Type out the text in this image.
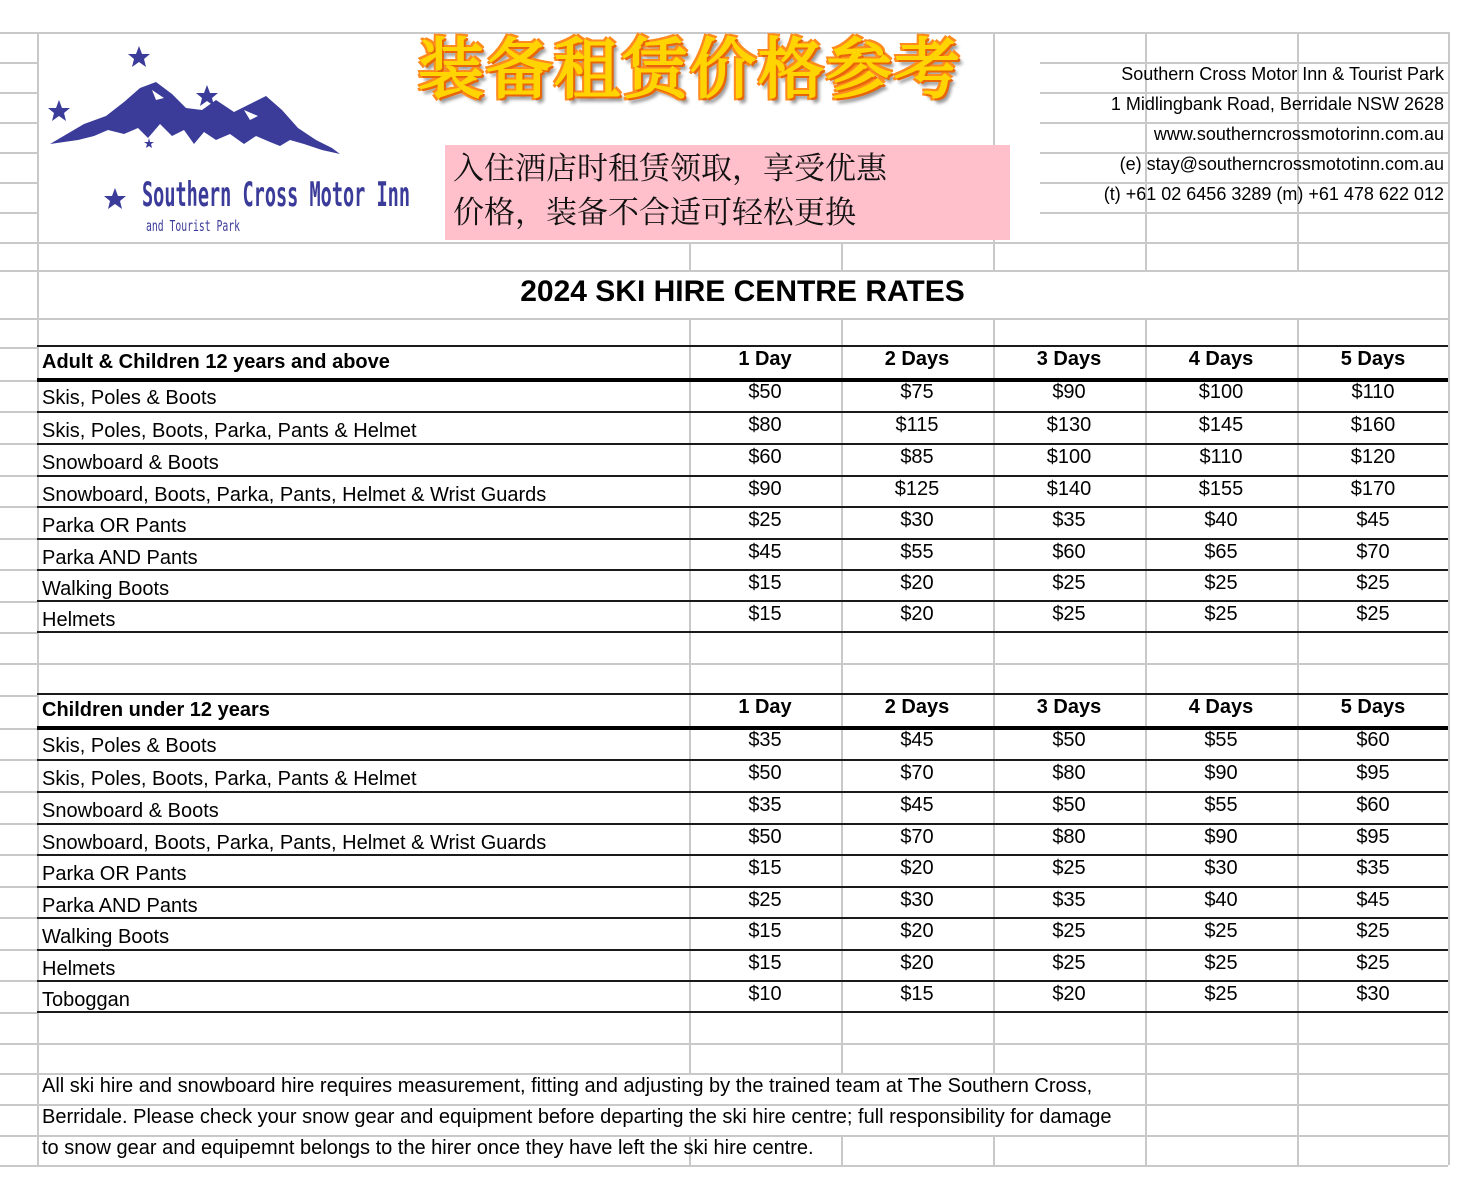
Southern Cross Motor Inn
and Tourist Park
装备租赁价格参考
入住酒店时租赁领取，享受优惠
价格，装备不合适可轻松更换
Southern Cross Motor Inn & Tourist Park
1 Midlingbank Road, Berridale NSW 2628
www.southerncrossmotorinn.com.au
(e) stay@southerncrossmototinn.com.au
(t) +61 02 6456 3289 (m) +61 478 622 012
2024 SKI HIRE CENTRE RATES
Adult & Children 12 years and above	1 Day	2 Days	3 Days	4 Days	5 Days
Skis, Poles & Boots	$50	$75	$90	$100	$110
Skis, Poles, Boots, Parka, Pants & Helmet	$80	$115	$130	$145	$160
Snowboard & Boots	$60	$85	$100	$110	$120
Snowboard, Boots, Parka, Pants, Helmet & Wrist Guards	$90	$125	$140	$155	$170
Parka OR Pants	$25	$30	$35	$40	$45
Parka AND Pants	$45	$55	$60	$65	$70
Walking Boots	$15	$20	$25	$25	$25
Helmets	$15	$20	$25	$25	$25
Children under 12 years	1 Day	2 Days	3 Days	4 Days	5 Days
Skis, Poles & Boots	$35	$45	$50	$55	$60
Skis, Poles, Boots, Parka, Pants & Helmet	$50	$70	$80	$90	$95
Snowboard & Boots	$35	$45	$50	$55	$60
Snowboard, Boots, Parka, Pants, Helmet & Wrist Guards	$50	$70	$80	$90	$95
Parka OR Pants	$15	$20	$25	$30	$35
Parka AND Pants	$25	$30	$35	$40	$45
Walking Boots	$15	$20	$25	$25	$25
Helmets	$15	$20	$25	$25	$25
Toboggan	$10	$15	$20	$25	$30
All ski hire and snowboard hire requires measurement, fitting and adjusting by the trained team at The Southern Cross,
Berridale. Please check your snow gear and equipment before departing the ski hire centre; full responsibility for damage
to snow gear and equipemnt belongs to the hirer once they have left the ski hire centre.
